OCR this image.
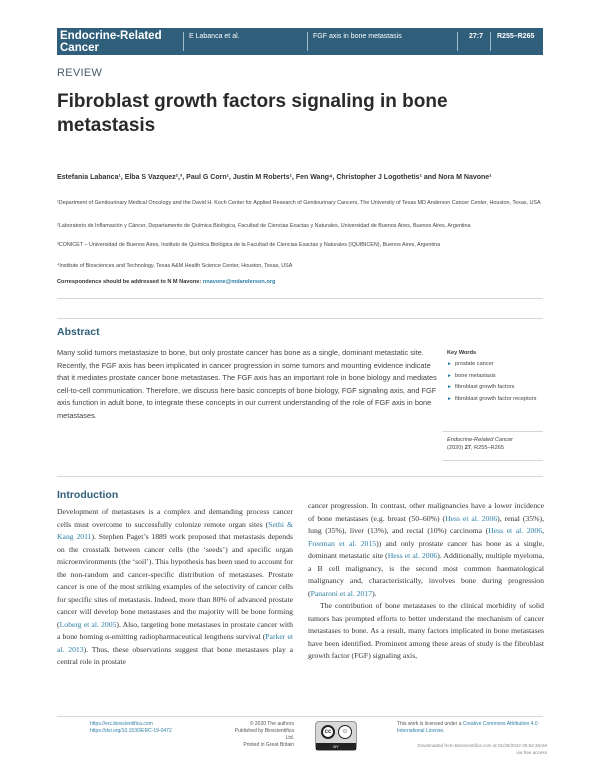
Endocrine-Related Cancer
E Labanca et al.	FGF axis in bone metastasis	27:7 R255–R265
REVIEW
Fibroblast growth factors signaling in bone metastasis
Estefania Labanca¹, Elba S Vazquez²,³, Paul G Corn¹, Justin M Roberts¹, Fen Wang⁴, Christopher J Logothetis¹ and Nora M Navone¹
¹Department of Genitourinary Medical Oncology and the David H. Koch Center for Applied Research of Genitourinary Cancers, The University of Texas MD Anderson Cancer Center, Houston, Texas, USA
²Laboratorio de Inflamación y Cáncer, Departamento de Química Biológica, Facultad de Ciencias Exactas y Naturales, Universidad de Buenos Aires, Buenos Aires, Argentina
³CONICET – Universidad de Buenos Aires, Instituto de Química Biológica de la Facultad de Ciencias Exactas y Naturales (IQUIBICEN), Buenos Aires, Argentina
⁴Institute of Biosciences and Technology, Texas A&M Health Science Center, Houston, Texas, USA
Correspondence should be addressed to N M Navone: nnavone@mdanderson.org
Abstract
Many solid tumors metastasize to bone, but only prostate cancer has bone as a single, dominant metastatic site. Recently, the FGF axis has been implicated in cancer progression in some tumors and mounting evidence indicate that it mediates prostate cancer bone metastases. The FGF axis has an important role in bone biology and mediates cell-to-cell communication. Therefore, we discuss here basic concepts of bone biology, FGF signaling axis, and FGF axis function in adult bone, to integrate these concepts in our current understanding of the role of FGF axis in bone metastases.
Key Words
► prostate cancer
► bone metastasis
► fibroblast growth factors
► fibroblast growth factor receptors
Endocrine-Related Cancer
(2020) 27, R255–R265
Introduction
Development of metastases is a complex and demanding process cancer cells must overcome to successfully colonize remote organ sites (Sethi & Kang 2011). Stephen Paget’s 1889 work proposed that metastasis depends on the crosstalk between cancer cells (the ‘seeds’) and specific organ microenvironments (the ‘soil’). This hypothesis has been used to account for the non-random and cancer-specific distribution of metastases. Prostate cancer is one of the most striking examples of the selectivity of cancer cells for specific sites of metastasis. Indeed, more than 80% of advanced prostate cancer will develop bone metastases and the majority will be bone forming (Loberg et al. 2005). Also, targeting bone metastases in prostate cancer with a bone homing α-emitting radiopharmaceutical lengthens survival (Parker et al. 2013). Thus, these observations suggest that bone metastases play a central role in prostate
cancer progression. In contrast, other malignancies have a lower incidence of bone metastases (e.g. breast (50–60%) (Hess et al. 2006), renal (35%), lung (35%), liver (13%), and rectal (10%) carcinoma (Hess et al. 2006, Freeman et al. 2015)) and only prostate cancer has bone as a single, dominant metastatic site (Hess et al. 2006). Additionally, multiple myeloma, a B cell malignancy, is the second most common haematological malignancy and, characteristically, involves bone during progression (Panaroni et al. 2017).
The contribution of bone metastases to the clinical morbidity of solid tumors has prompted efforts to better understand the mechanism of cancer metastases to bone. As a result, many factors implicated in bone metastases have been identified. Prominent among these areas of study is the fibroblast growth factor (FGF) signaling axis,
https://erc.bioscientifica.com
https://doi.org/10.1530/ERC-19-0472
© 2020 The authors
Published by Bioscientifica Ltd.
Printed in Great Britain
cc	☺
BY
This work is licensed under a Creative Commons Attribution 4.0 International License.
Downloaded from Bioscientifica.com at 01/26/2022 05:54:33AM
via free access
